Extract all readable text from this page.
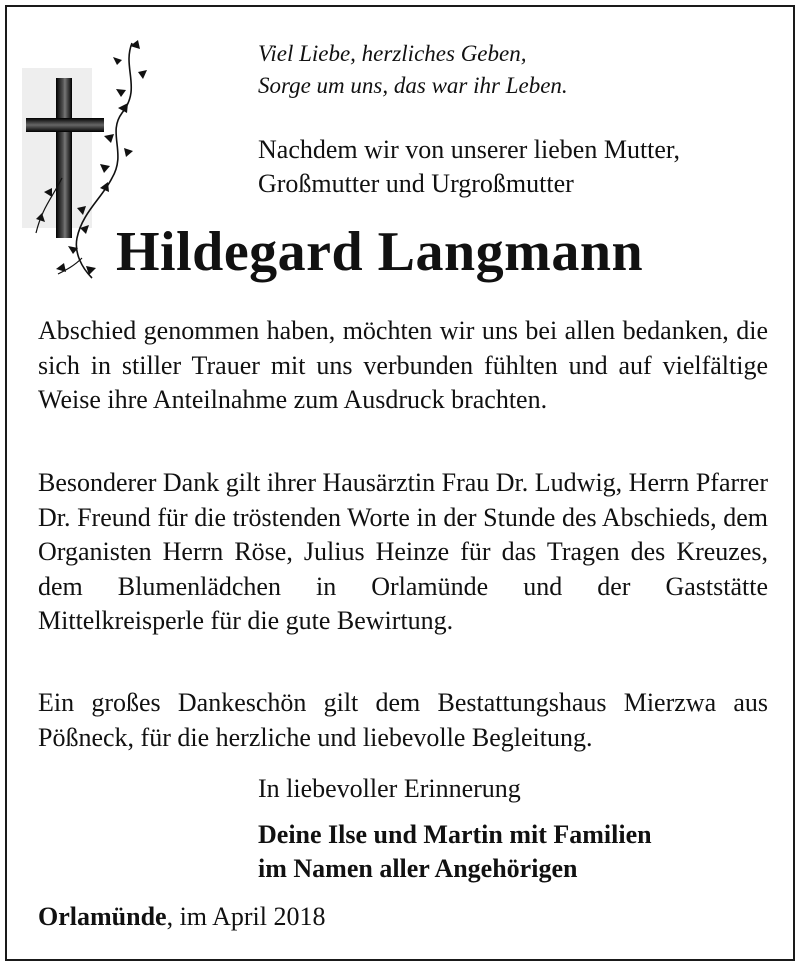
Viel Liebe, herzliches Geben,
Sorge um uns, das war ihr Leben.
Nachdem wir von unserer lieben Mutter,
Großmutter und Urgroßmutter
Hildegard Langmann
Abschied genommen haben, möchten wir uns bei allen bedanken, die sich in stiller Trauer mit uns verbunden fühlten und auf vielfältige Weise ihre Anteilnahme zum Ausdruck brachten.
Besonderer Dank gilt ihrer Hausärztin Frau Dr. Ludwig, Herrn Pfarrer Dr. Freund für die tröstenden Worte in der Stunde des Abschieds, dem Organisten Herrn Röse, Julius Heinze für das Tragen des Kreuzes, dem Blumenlädchen in Orlamünde und der Gaststätte Mittelkreisperle für die gute Bewirtung.
Ein großes Dankeschön gilt dem Bestattungshaus Mierzwa aus Pößneck, für die herzliche und liebevolle Begleitung.
In liebevoller Erinnerung
Deine Ilse und Martin mit Familien
im Namen aller Angehörigen
Orlamünde, im April 2018
